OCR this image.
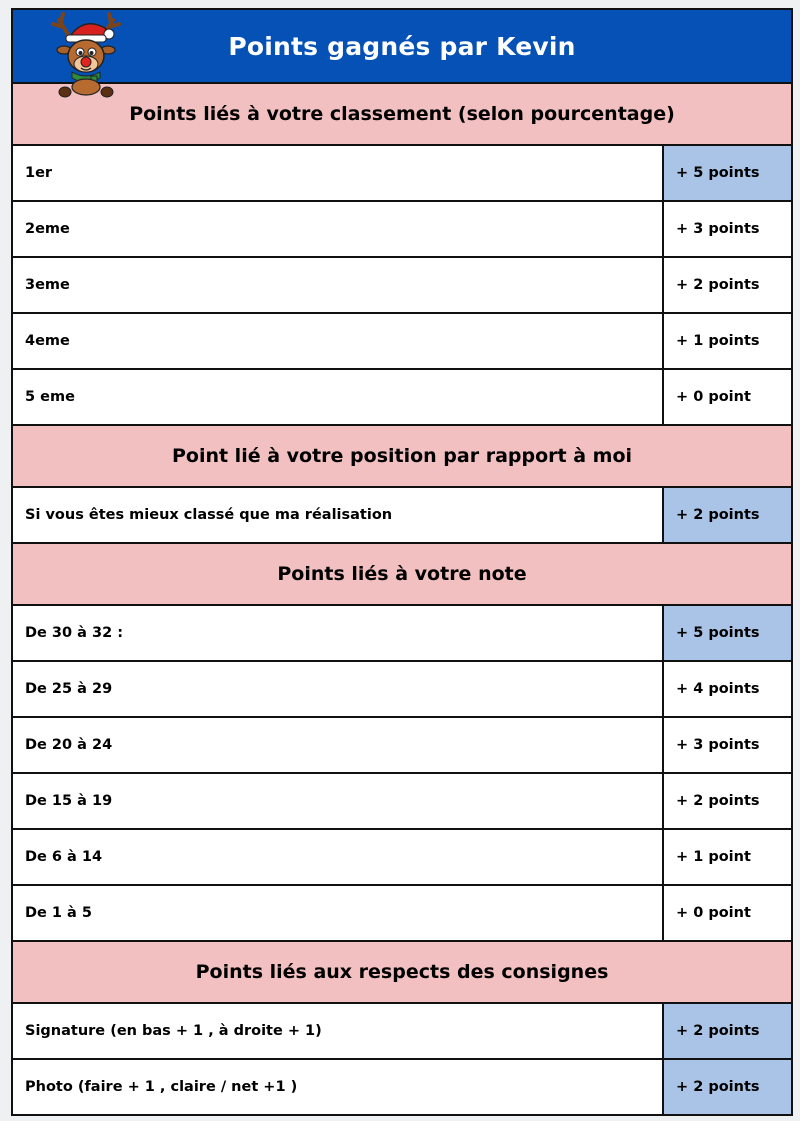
Points gagnés par Kevin
Points liés à votre classement (selon pourcentage)
1er	+ 5 points
2eme	+ 3 points
3eme	+ 2 points
4eme	+ 1 points
5 eme	+ 0 point
Point lié à votre position par rapport à moi
Si vous êtes mieux classé que ma réalisation	+ 2 points
Points liés à votre note
De 30 à 32 :	+ 5 points
De 25 à 29	+ 4 points
De 20 à 24	+ 3 points
De 15 à 19	+ 2 points
De 6 à 14	+ 1 point
De 1 à 5	+ 0 point
Points liés aux respects des consignes
Signature (en bas + 1 , à droite + 1)	+ 2 points
Photo (faire + 1 , claire / net +1 )	+ 2 points
